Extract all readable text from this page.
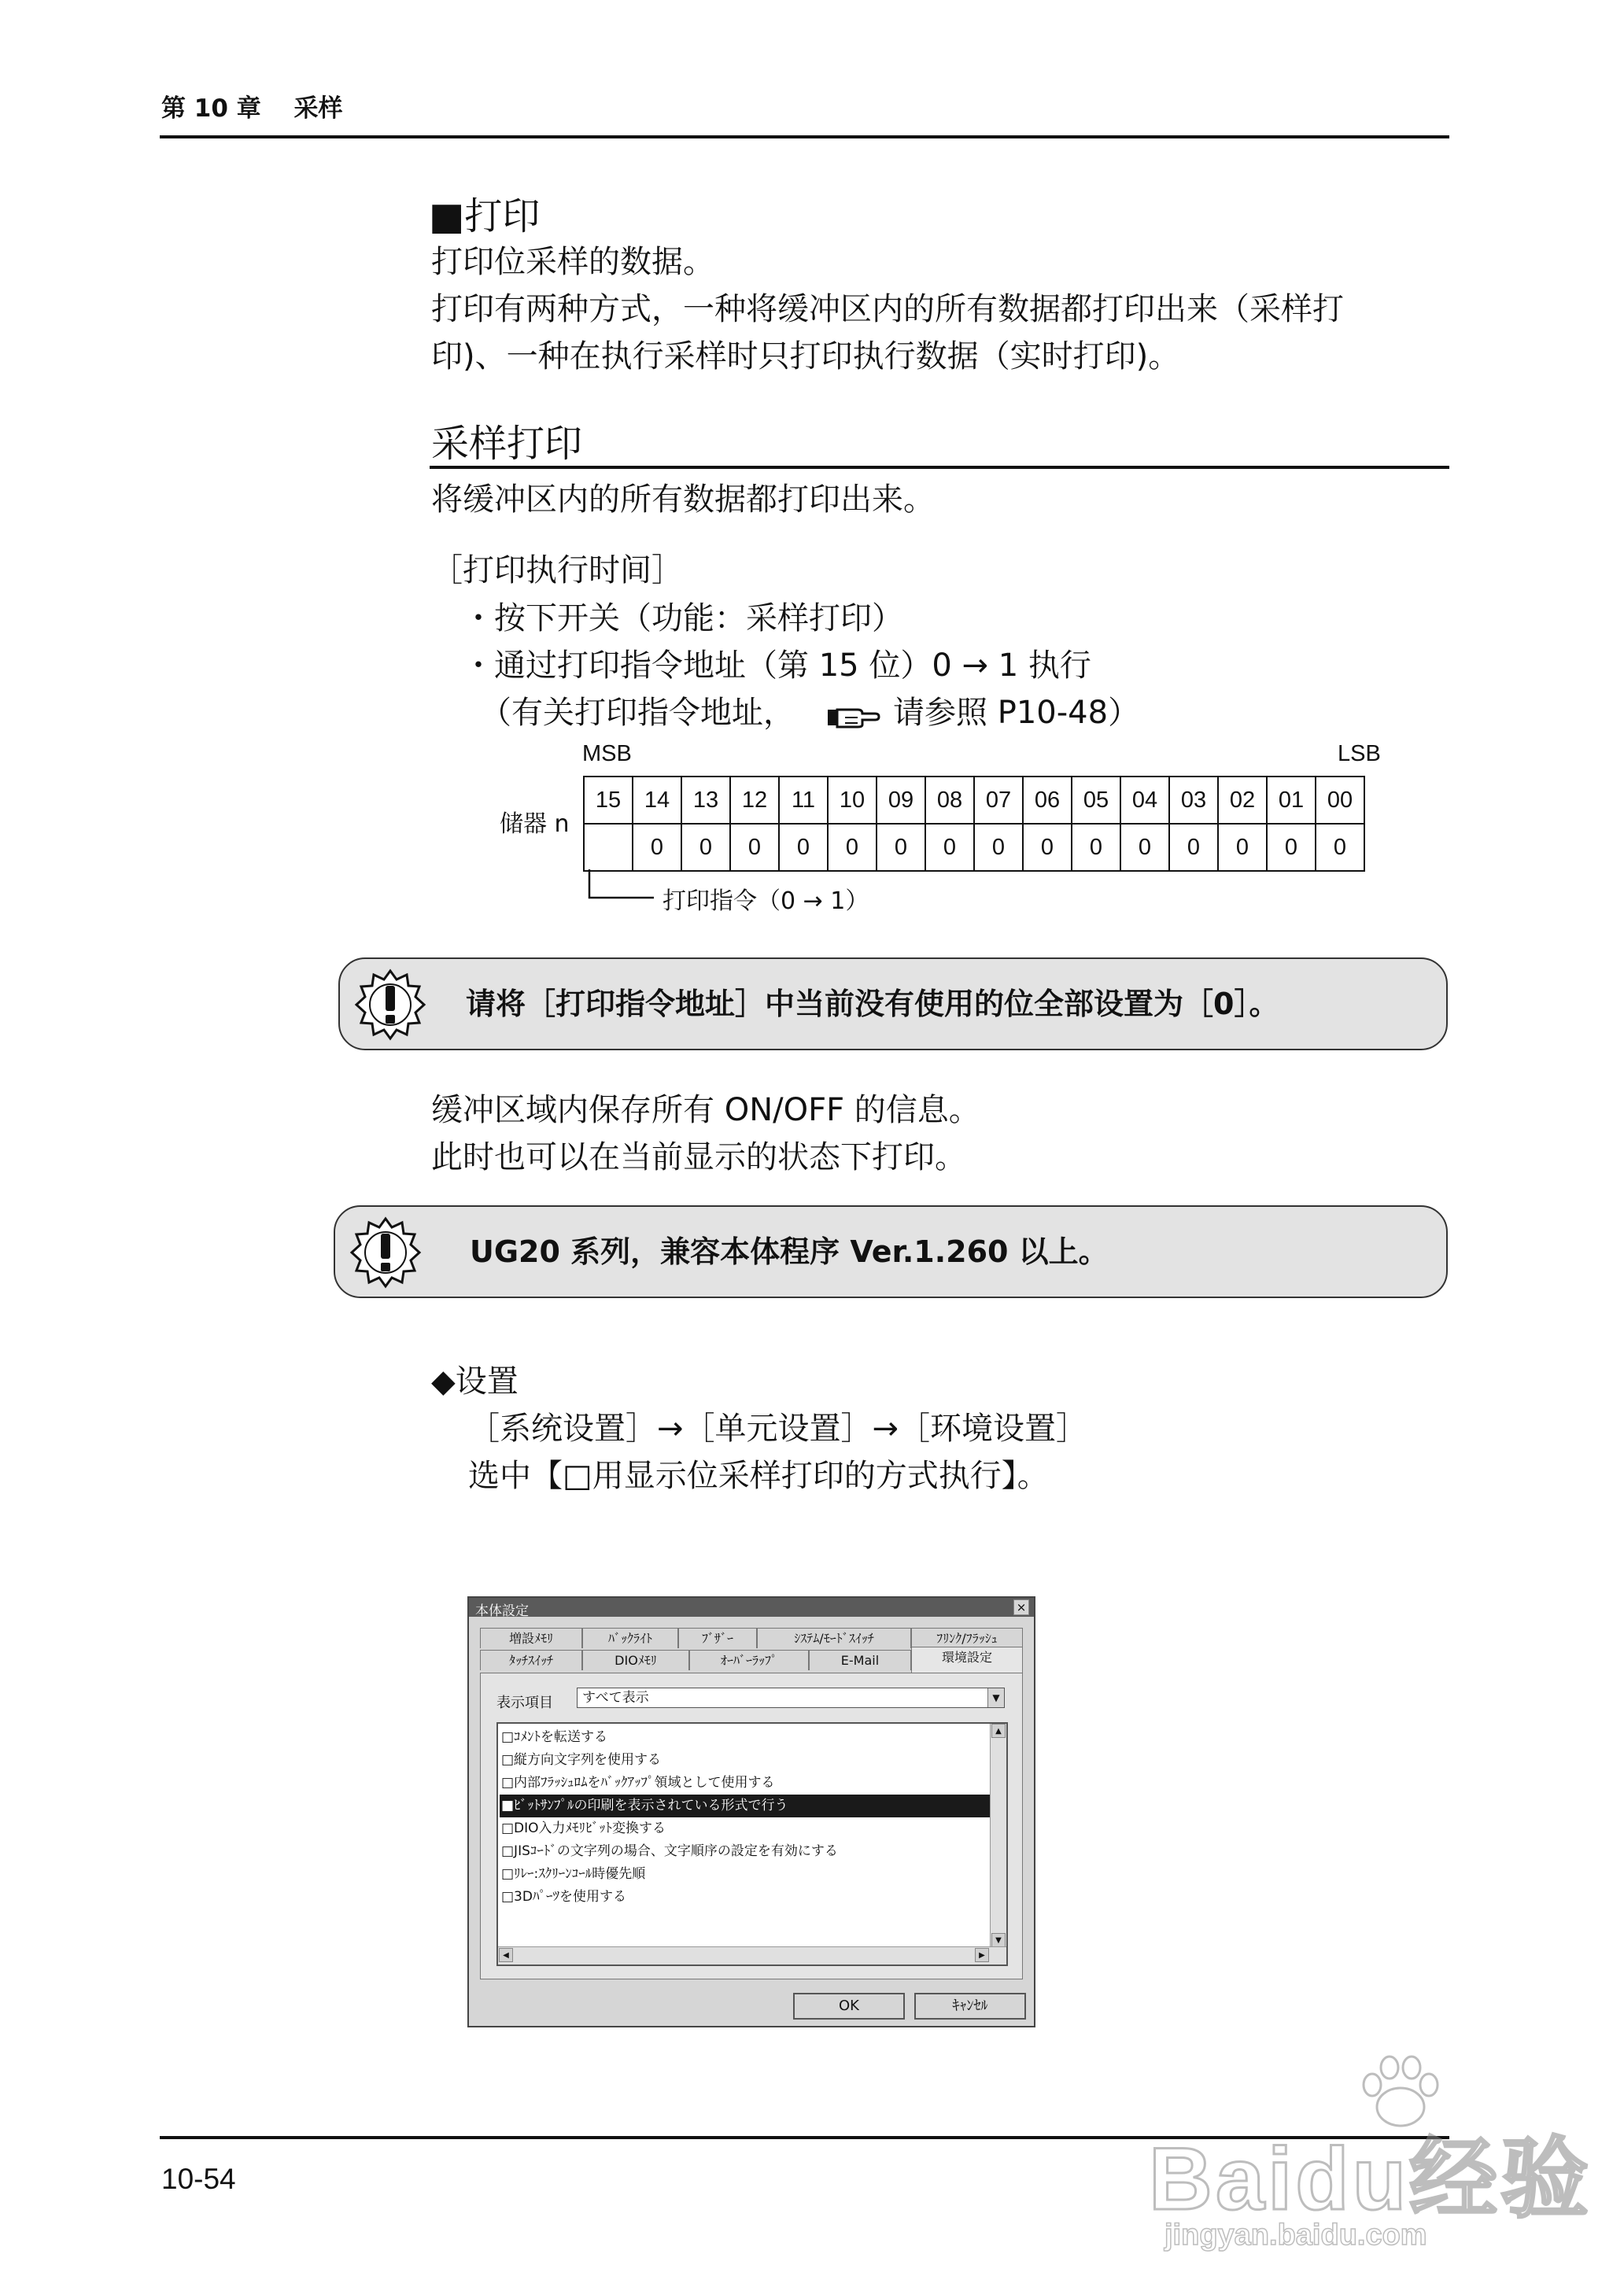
第 10 章　 采样
■打印
打印位采样的数据。
打印有两种方式，一种将缓冲区内的所有数据都打印出来（采样打
印)、一种在执行采样时只打印执行数据（实时打印)。
采样打印
将缓冲区内的所有数据都打印出来。
［打印执行时间］
・按下开关（功能：采样打印）
・通过打印指令地址（第 15 位）0 → 1 执行
（有关打印指令地址，	请参照 P10-48）
MSB	LSB
储器 n
15	14	13	12	11	10	09	08	07	06	05	04	03	02	01	00
	0	0	0	0	0	0	0	0	0	0	0	0	0	0	0
打印指令（0 → 1）
请将［打印指令地址］中当前没有使用的位全部设置为［0］。
缓冲区域内保存所有 ON/OFF 的信息。
此时也可以在当前显示的状态下打印。
UG20 系列，兼容本体程序 Ver.1.260 以上。
◆设置
［系统设置］→［单元设置］→［环境设置］
选中【□用显示位采样打印的方式执行】。
本体設定	×
増設ﾒﾓﾘ	ﾊﾞｯｸﾗｲﾄ	ﾌﾞｻﾞｰ	ｼｽﾃﾑ/ﾓｰﾄﾞｽｲｯﾁ	ﾌﾘﾝｸ/ﾌﾗｯｼｭ
ﾀｯﾁｽｲｯﾁ	DIOﾒﾓﾘ	ｵｰﾊﾞｰﾗｯﾌﾟ	E-Mail	環境設定
表示項目	すべて表示	▼
□ｺﾒﾝﾄを転送する
□縦方向文字列を使用する
□内部ﾌﾗｯｼｭﾛﾑをﾊﾞｯｸｱｯﾌﾟ領域として使用する
■ﾋﾞｯﾄｻﾝﾌﾟﾙの印刷を表示されている形式で行う
□DIO入力ﾒﾓﾘﾋﾞｯﾄ変換する
□JISｺｰﾄﾞの文字列の場合、文字順序の設定を有効にする
□ﾘﾚｰ:ｽｸﾘｰﾝｺｰﾙ時優先順
□3Dﾊﾟｰﾂを使用する
▲
▼
◀	▶
OK	ｷｬﾝｾﾙ
10-54	Baidu经验
jingyan.baidu.com
